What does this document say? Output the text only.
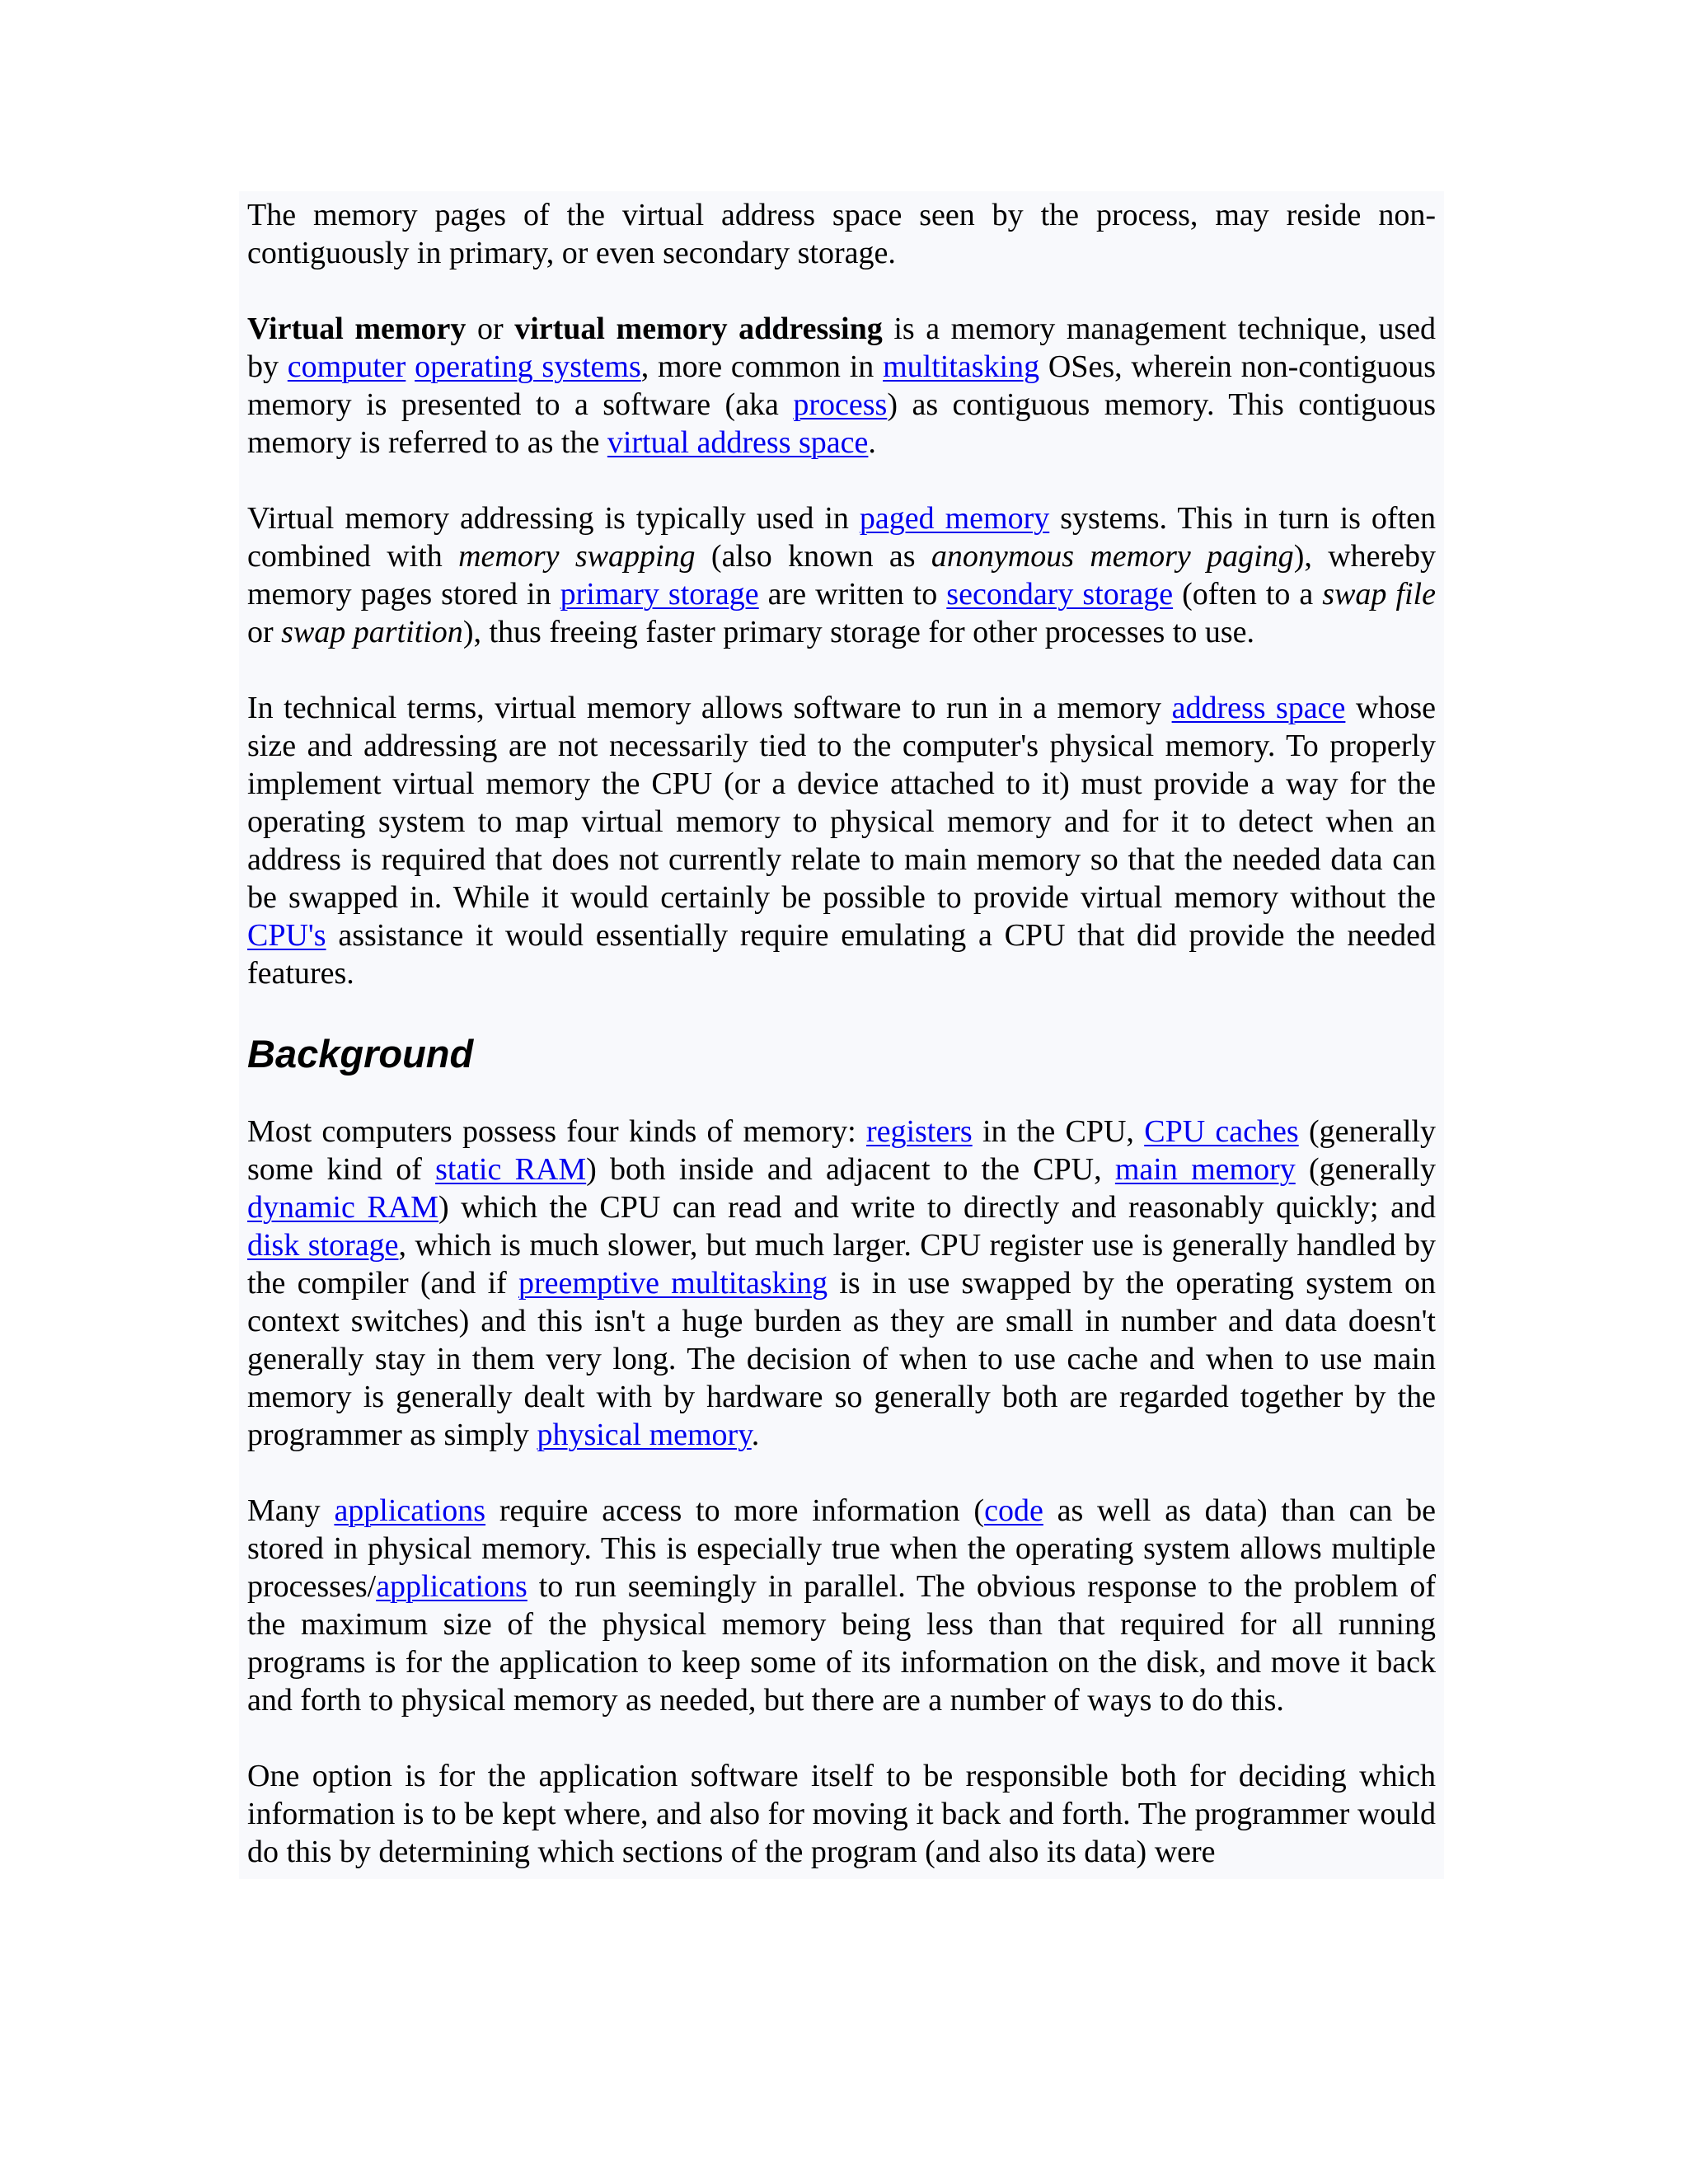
The memory pages of the virtual address space seen by the process, may reside non-contiguously in primary, or even secondary storage.

Virtual memory or virtual memory addressing is a memory management technique, used by computer operating systems, more common in multitasking OSes, wherein non-contiguous memory is presented to a software (aka process) as contiguous memory. This contiguous memory is referred to as the virtual address space.

Virtual memory addressing is typically used in paged memory systems. This in turn is often combined with memory swapping (also known as anonymous memory paging), whereby memory pages stored in primary storage are written to secondary storage (often to a swap file or swap partition), thus freeing faster primary storage for other processes to use.

In technical terms, virtual memory allows software to run in a memory address space whose size and addressing are not necessarily tied to the computer's physical memory. To properly implement virtual memory the CPU (or a device attached to it) must provide a way for the operating system to map virtual memory to physical memory and for it to detect when an address is required that does not currently relate to main memory so that the needed data can be swapped in. While it would certainly be possible to provide virtual memory without the CPU's assistance it would essentially require emulating a CPU that did provide the needed features.

Background

Most computers possess four kinds of memory: registers in the CPU, CPU caches (generally some kind of static RAM) both inside and adjacent to the CPU, main memory (generally dynamic RAM) which the CPU can read and write to directly and reasonably quickly; and disk storage, which is much slower, but much larger. CPU register use is generally handled by the compiler (and if preemptive multitasking is in use swapped by the operating system on context switches) and this isn't a huge burden as they are small in number and data doesn't generally stay in them very long. The decision of when to use cache and when to use main memory is generally dealt with by hardware so generally both are regarded together by the programmer as simply physical memory.

Many applications require access to more information (code as well as data) than can be stored in physical memory. This is especially true when the operating system allows multiple processes/applications to run seemingly in parallel. The obvious response to the problem of the maximum size of the physical memory being less than that required for all running programs is for the application to keep some of its information on the disk, and move it back and forth to physical memory as needed, but there are a number of ways to do this.

One option is for the application software itself to be responsible both for deciding which information is to be kept where, and also for moving it back and forth. The programmer would do this by determining which sections of the program (and also its data) were
